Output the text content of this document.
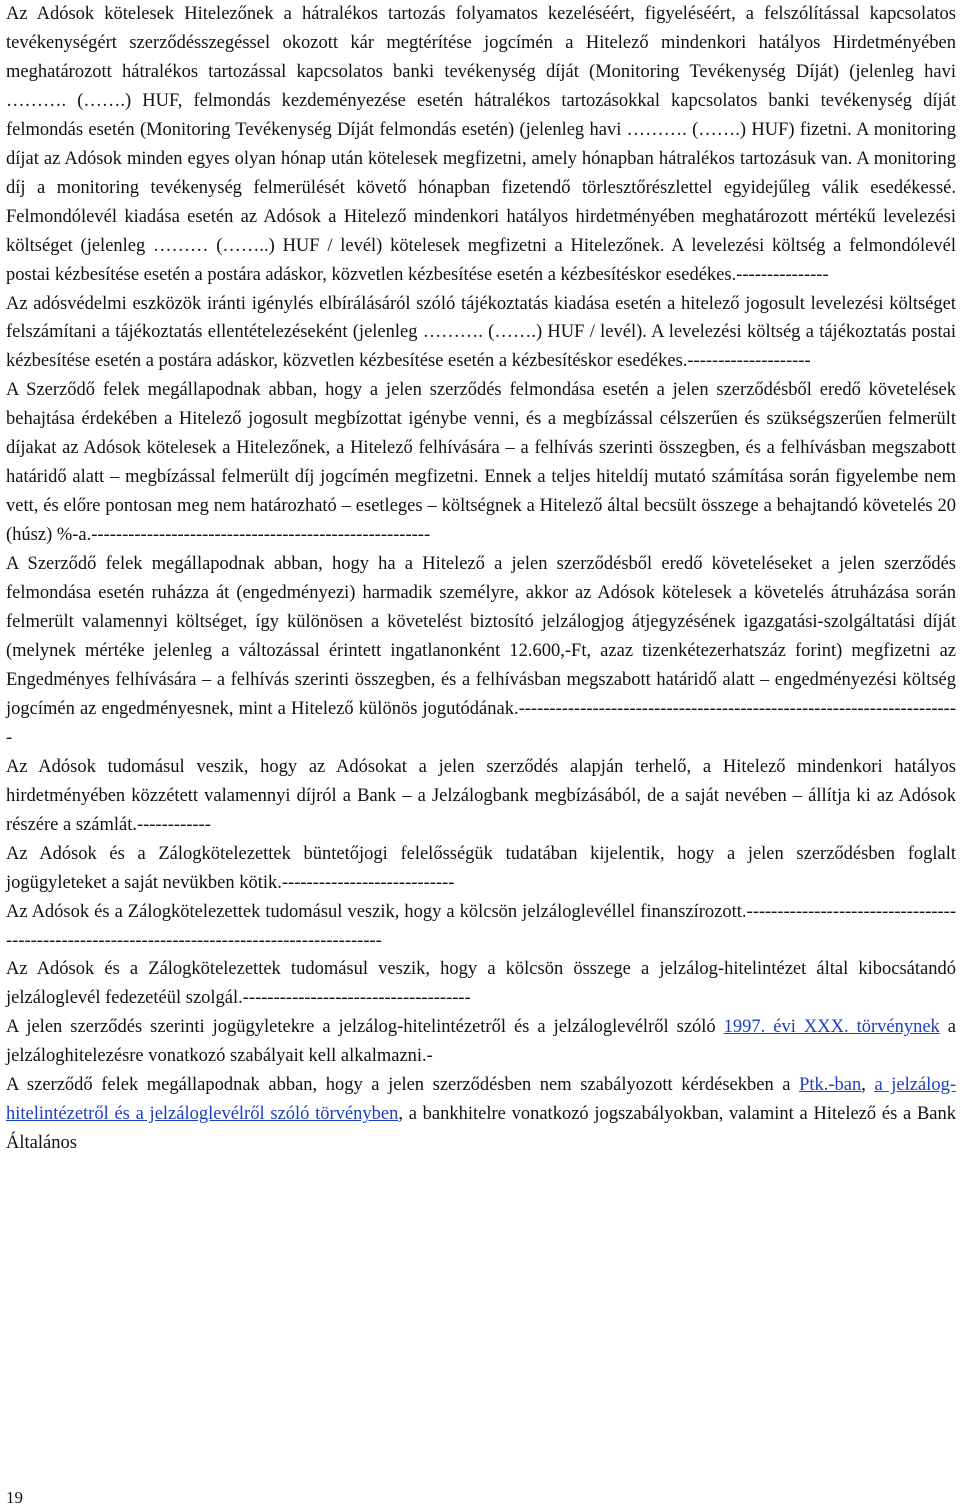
Az Adósok kötelesek Hitelezőnek a hátralékos tartozás folyamatos kezeléséért, figyeléséért, a felszólítással kapcsolatos tevékenységért szerződésszegéssel okozott kár megtérítése jogcímén a Hitelező mindenkori hatályos Hirdetményében meghatározott hátralékos tartozással kapcsolatos banki tevékenység díját (Monitoring Tevékenység Díját) (jelenleg havi ………. (…….) HUF, felmondás kezdeményezése esetén hátralékos tartozásokkal kapcsolatos banki tevékenység díját felmondás esetén (Monitoring Tevékenység Díját felmondás esetén) (jelenleg havi ………. (…….) HUF) fizetni. A monitoring díjat az Adósok minden egyes olyan hónap után kötelesek megfizetni, amely hónapban hátralékos tartozásuk van. A monitoring díj a monitoring tevékenység felmerülését követő hónapban fizetendő törlesztőrészlettel egyidejűleg válik esedékessé. Felmondólevél kiadása esetén az Adósok a Hitelező mindenkori hatályos hirdetményében meghatározott mértékű levelezési költséget (jelenleg ……… (……..) HUF / levél) kötelesek megfizetni a Hitelezőnek. A levelezési költség a felmondólevél postai kézbesítése esetén a postára adáskor, közvetlen kézbesítése esetén a kézbesítéskor esedékes.---------------

Az adósvédelmi eszközök iránti igénylés elbírálásáról szóló tájékoztatás kiadása esetén a hitelező jogosult levelezési költséget felszámítani a tájékoztatás ellentételezéseként (jelenleg ………. (…….) HUF / levél). A levelezési költség a tájékoztatás postai kézbesítése esetén a postára adáskor, közvetlen kézbesítése esetén a kézbesítéskor esedékes.--------------------

A Szerződő felek megállapodnak abban, hogy a jelen szerződés felmondása esetén a jelen szerződésből eredő követelések behajtása érdekében a Hitelező jogosult megbízottat igénybe venni, és a megbízással célszerűen és szükségszerűen felmerült díjakat az Adósok kötelesek a Hitelezőnek, a Hitelező felhívására – a felhívás szerinti összegben, és a felhívásban megszabott határidő alatt – megbízással felmerült díj jogcímén megfizetni. Ennek a teljes hiteldíj mutató számítása során figyelembe nem vett, és előre pontosan meg nem határozható – esetleges – költségnek a Hitelező által becsült összege a behajtandó követelés 20 (húsz) %-a.-------------------------------------------------------

A Szerződő felek megállapodnak abban, hogy ha a Hitelező a jelen szerződésből eredő követeléseket a jelen szerződés felmondása esetén ruházza át (engedményezi) harmadik személyre, akkor az Adósok kötelesek a követelés átruházása során felmerült valamennyi költséget, így különösen a követelést biztosító jelzálogjog átjegyzésének igazgatási-szolgáltatási díját (melynek mértéke jelenleg a változással érintett ingatlanonként 12.600,-Ft, azaz tizenkétezerhatszáz forint) megfizetni az Engedményes felhívására – a felhívás szerinti összegben, és a felhívásban megszabott határidő alatt – engedményezési költség jogcímén az engedményesnek, mint a Hitelező különös jogutódának.------------------------------------------------------------------------

Az Adósok tudomásul veszik, hogy az Adósokat a jelen szerződés alapján terhelő, a Hitelező mindenkori hatályos hirdetményében közzétett valamennyi díjról a Bank – a Jelzálogbank megbízásából, de a saját nevében – állítja ki az Adósok részére a számlát.------------

Az Adósok és a Zálogkötelezettek büntetőjogi felelősségük tudatában kijelentik, hogy a jelen szerződésben foglalt jogügyleteket a saját nevükben kötik.----------------------------

Az Adósok és a Zálogkötelezettek tudomásul veszik, hogy a kölcsön jelzáloglevéllel finanszírozott.-----------------------------------------------------------------------------------------------

Az Adósok és a Zálogkötelezettek tudomásul veszik, hogy a kölcsön összege a jelzálog-hitelintézet által kibocsátandó jelzáloglevél fedezetéül szolgál.-------------------------------------

A jelen szerződés szerinti jogügyletekre a jelzálog-hitelintézetről és a jelzáloglevélről szóló 1997. évi XXX. törvénynek a jelzáloghitelezésre vonatkozó szabályait kell alkalmazni.-

A szerződő felek megállapodnak abban, hogy a jelen szerződésben nem szabályozott kérdésekben a Ptk.-ban, a jelzálog-hitelintézetről és a jelzáloglevélről szóló törvényben, a bankhitelre vonatkozó jogszabályokban, valamint a Hitelező és a Bank Általános

19
